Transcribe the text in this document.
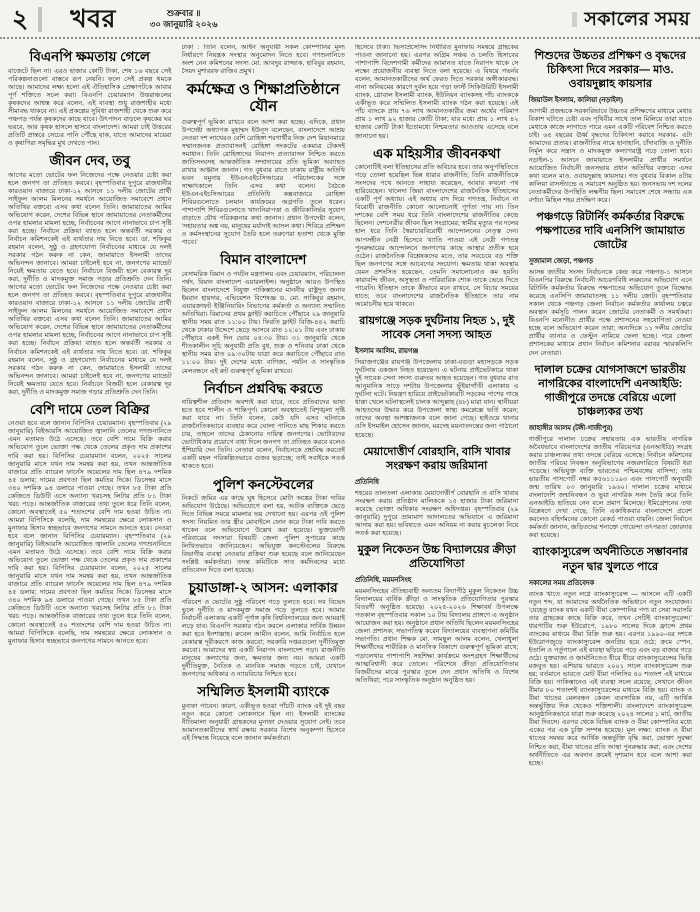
২	খবর	শুক্রবার ॥
৩০ জানুয়ারি ২০২৬	সকালের সময়
বিএনপি ক্ষমতায় গেলে

বাজেটে ছিল না। এরও হাজার কোটি টাকা, শেষ ১৬ বছরে সেই পরিকল্পনাগুলো বাস্তবে রূপ নেয়নি। ফলে সেই প্রকল্প থমকে আছে। আমাদের লক্ষ্য হলো এই ঐতিহাসিক প্রেক্ষাপটকে আবার পূর্ণ শক্তিতে সচল করা। বিএনপি চেয়ারম্যান উত্তরাঞ্চলের কৃষকদের আশ্বস্ত করে বলেন, এই ব্যবস্থা শুধু রাজশাহীর মধ্যে সীমাবদ্ধ থাকবে না। এই প্রকল্পের সুবিধা রাজশাহী থেকে শুরু করে পঞ্চগড় পর্যন্ত কৃষকদের কাছে যাবে। উৎপাদন বাড়লে কৃষকের ঘর ভরবে, আর কৃষক হাসলে হাসবে বাংলাদেশ। আমরা চাই উত্তরের প্রতিটি প্রান্তরে সেচের পানি পৌঁছে যাক, যাতে আমাদের মায়েরা ও কৃষাণিরা সমৃদ্ধির মুখ দেখতে পান।

জীবন দেব, তবু

আগের মতো ভোটের ফল নিজেদের পক্ষে নেওয়ার চেষ্টা করা হলে জনগণ তা প্রতিহত করবে। বৃহস্পতিবার দুপুরে রাজধানীর কারওয়ান বাজারে ঢাকা-১২ আসনে ১১ দলীয় জোটের প্রার্থী সাইফুল আলম মিলনের সমর্থনে আয়োজিত সমাবেশে প্রধান অতিথির বক্তব্যে এসব কথা বলেন তিনি। জামায়াতের আমির অভিযোগ করেন, দেশের বিভিন্ন স্থানে জামায়াতের নেতাকর্মীদের ওপর হামলার মামলা হচ্ছে, নির্বাচনের আগে নানাভাবে চাপ সৃষ্টি করা হচ্ছে। নির্বাচন প্রক্রিয়া ব্যাহত হলে অন্তর্বর্তী সরকার ও নির্বাচন কমিশনকেই এই ব্যর্থতার দায় নিতে হবে। ডা. শফিকুর রহমান বলেন, সুষ্ঠু ও গ্রহণযোগ্য নির্বাচনের মাধ্যমে যে দলই সরকার গঠন করুক না কেন, জামায়াতে ইসলামী তাদের অভিনন্দন জানাবে। আমরা চাইলেই হবে না, জনগণের ম্যান্ডেট নিয়েই ক্ষমতায় যেতে হবে। নির্বাচনে বিজয়ী হলে বেকারত্ব দূর করা, দুর্নীতি ও মাদকমুক্ত সমাজ গড়ার প্রতিশ্রুতি দেন তিনি। আগের মতো ভোটের ফল নিজেদের পক্ষে নেওয়ার চেষ্টা করা হলে জনগণ তা প্রতিহত করবে। বৃহস্পতিবার দুপুরে রাজধানীর কারওয়ান বাজারে ঢাকা-১২ আসনে ১১ দলীয় জোটের প্রার্থী সাইফুল আলম মিলনের সমর্থনে আয়োজিত সমাবেশে প্রধান অতিথির বক্তব্যে এসব কথা বলেন তিনি। জামায়াতের আমির অভিযোগ করেন, দেশের বিভিন্ন স্থানে জামায়াতের নেতাকর্মীদের ওপর হামলার মামলা হচ্ছে, নির্বাচনের আগে নানাভাবে চাপ সৃষ্টি করা হচ্ছে। নির্বাচন প্রক্রিয়া ব্যাহত হলে অন্তর্বর্তী সরকার ও নির্বাচন কমিশনকেই এই ব্যর্থতার দায় নিতে হবে। ডা. শফিকুর রহমান বলেন, সুষ্ঠু ও গ্রহণযোগ্য নির্বাচনের মাধ্যমে যে দলই সরকার গঠন করুক না কেন, জামায়াতে ইসলামী তাদের অভিনন্দন জানাবে। আমরা চাইলেই হবে না, জনগণের ম্যান্ডেট নিয়েই ক্ষমতায় যেতে হবে। নির্বাচনে বিজয়ী হলে বেকারত্ব দূর করা, দুর্নীতি ও মাদকমুক্ত সমাজ গড়ার প্রতিশ্রুতি দেন তিনি।

বেশি দামে তেল বিক্রির

নেওয়া হবে বলে জানান বিপিসির চেয়ারম্যান। বৃহস্পতিবার (২৯ জানুয়ারি) বিইআরসি আয়োজিত জ্বালানি তেলের গণশুনানিতে এমন মতামত উঠে এসেছে। তবে বেশি দামে বিক্রি করার অভিযোগ তুলে ভোক্তা পক্ষ থেকে তেলের প্রকৃত দাম প্রকাশের দাবি করা হয়। বিপিসির চেয়ারম্যান বলেন, ২০২৫ সালের জানুয়ারি মাসে যখন দাম সমন্বয় করা হয়, তখন আন্তর্জাতিক বাজারে প্রতি ব্যারেল ফার্নেস অয়েলের দাম ছিল ৪৭৯ দশমিক ৪৫ ডলার; দামের প্রবণতা ছিল কমতির দিকে। ডিসেম্বর মাসে ৩৪০ দশমিক ৯৪ ডলারে পাওয়া গেছে। তখন ৮৫ টাকা প্রতি কেজিতে ডিউটি এসে অন্যান্য খরচসহ লিটার প্রতি ৮১ টাকা খরচ পড়ে। আন্তর্জাতিক বাজারের তথ্য তুলে ধরে তিনি বলেন, কোনো অবস্থাতেই ৫০ শতাংশের বেশি দাম হওয়া উচিত না। আমরা বিপিসিকে বলেছি, দাম সমন্বয়ের ক্ষেত্রে লোকসান ও মুনাফার হিসাব স্বচ্ছভাবে জনগণের সামনে আনতে হবে। নেওয়া হবে বলে জানান বিপিসির চেয়ারম্যান। বৃহস্পতিবার (২৯ জানুয়ারি) বিইআরসি আয়োজিত জ্বালানি তেলের গণশুনানিতে এমন মতামত উঠে এসেছে। তবে বেশি দামে বিক্রি করার অভিযোগ তুলে ভোক্তা পক্ষ থেকে তেলের প্রকৃত দাম প্রকাশের দাবি করা হয়। বিপিসির চেয়ারম্যান বলেন, ২০২৫ সালের জানুয়ারি মাসে যখন দাম সমন্বয় করা হয়, তখন আন্তর্জাতিক বাজারে প্রতি ব্যারেল ফার্নেস অয়েলের দাম ছিল ৪৭৯ দশমিক ৪৫ ডলার; দামের প্রবণতা ছিল কমতির দিকে। ডিসেম্বর মাসে ৩৪০ দশমিক ৯৪ ডলারে পাওয়া গেছে। তখন ৮৫ টাকা প্রতি কেজিতে ডিউটি এসে অন্যান্য খরচসহ লিটার প্রতি ৮১ টাকা খরচ পড়ে। আন্তর্জাতিক বাজারের তথ্য তুলে ধরে তিনি বলেন, কোনো অবস্থাতেই ৫০ শতাংশের বেশি দাম হওয়া উচিত না। আমরা বিপিসিকে বলেছি, দাম সমন্বয়ের ক্ষেত্রে লোকসান ও মুনাফার হিসাব স্বচ্ছভাবে জনগণের সামনে আনতে হবে।

ঢাকা : তিনি বলেন, আইন অনুযায়ী সকল কোম্পানির মূল্য নির্ধারণে নিয়ন্ত্রক সংস্থার অনুমোদন নিতে হবে। গণশুনানিতে অংশ নেন কমিশনের সদস্য মো. আবদুর রাজ্জাক, হাবিবুর রহমান, সৈয়দ মুশাররফ রাজিব প্রমুখ।

কর্মক্ষেত্র ও শিক্ষাপ্রতিষ্ঠানে যৌন

গুরুত্বপূর্ণ ভূমিকা রাখবে বলে আশা করা হচ্ছে। এদিকে, প্রধান উপদেষ্টা অধ্যাপক মুহাম্মদ ইউনূস বলেছেন, বাংলাদেশে আশ্রয় নেওয়া দশ লাখেরও বেশি রোহিঙ্গা শরণার্থীর নিজ দেশ মিয়ানমারে সম্মানজনক প্রত্যাবাসনই রোহিঙ্গা সংকটের একমাত্র টেকসই সমাধান। তিনি রোহিঙ্গাদের নিরাপদ প্রত্যাবাসন নিশ্চিত করতে জাতিসংঘসহ আন্তর্জাতিক সম্প্রদায়ের প্রতি ভূমিকা অব্যাহত রাখার আহ্বান জানান। গত বুধবার রাতে ঢাকায় রাষ্ট্রীয় অতিথি ভবন যমুনায় ইউএনএইচসিআরের পরিচালকের সঙ্গে সাক্ষাৎকালে তিনি এসব কথা বলেন। বৈঠকে ইউএনএইচসিআরের প্রতিনিধি কক্সবাজারে রোহিঙ্গা শিবিরগুলোতে চলমান কার্যক্রমের অগ্রগতি তুলে ধরেন। পাশাপাশি শিবিরগুলোতে খাদ্যনিরাপত্তা ও জীবিকানির্ভর সুযোগ বাড়াতে যৌথ পরিকল্পনার কথা জানান। প্রধান উপদেষ্টা বলেন, ‘সহায়তার অঙ্ক নয়, মানুষের মর্যাদাই আসল কথা। শিবিরে প্রশিক্ষণ ও কর্মসংস্থানের সুযোগ তৈরি হলে তরুণেরা হতাশা থেকে মুক্তি পাবে।’

বিমান বাংলাদেশ

বেসামরিক বিমান ও পর্যটন মন্ত্রণালয় এবং চেয়ারম্যান, পরিচালনা পর্ষদ, বিমান বাংলাদেশ এয়ারলাইন্স। অনুষ্ঠানে আরও উপস্থিত ছিলেন বাংলাদেশে নিযুক্ত পাকিস্তানের মাননীয় রাষ্ট্রদূত জনাব ইমরান হায়দার, এভিয়েশন বিশেষজ্ঞ ড. মো. সাকিবুর রহমান, এয়ারক্রাফট ইঞ্জিনিয়ারিং বিভাগের কর্মকর্তা ও অন্যান্য সম্মানিত অতিথিরা। বিমানের প্রথম ফ্লাইট করাচিতে পৌঁছাবে ২৯ জানুয়ারি স্থানীয় সময় রাত ১১:০০ টায়। ফিরতি ফ্লাইট বিজি-৪৪২ করাচি থেকে ঢাকার উদ্দেশে ছেড়ে আসবে রাত ১২:০১ টায় এবং ঢাকায় পৌঁছাবে একই দিন ভোর ০৪:৩০ টায়। ৩১ জানুয়ারি থেকে শীতকালীন সূচি অনুযায়ী প্রতি বুধ, শুক্র ও শনিবার ঢাকা থেকে স্থানীয় সময় রাত ০৯:৩০টায় যাত্রা করে করাচিতে পৌঁছাবে রাত ১১:০০ টায়। দুই দেশের মধ্যে বাণিজ্য, পর্যটন ও সাংস্কৃতিক মেলবন্ধনে এই রুট গুরুত্বপূর্ণ ভূমিকা রাখবে।

নির্বাচন প্রশ্নবিদ্ধ করতে

দায়িত্বশীল প্রতিবাদ অবশ্যই করা যাবে, তবে প্রতিবাদের ভাষা হতে হবে শালীন ও শান্তিপূর্ণ। কোনো অবস্থাতেই বিশৃঙ্খলা সৃষ্টি করা যাবে না। তিনি বলেন, কেউ যদি এসব ঘটনাকে রাজনৈতিকভাবে ব্যবহার করে ঘোলা পানিতে মাছ শিকার করতে চায়, তাহলে তাদের ঠেকানোর দায়িত্ব জনগণের। ভোটারদের ভোটাধিকার প্রয়োগে বাধা দিলে জনগণ তা প্রতিহত করবে বলেও হুঁশিয়ারি দেন তিনি। নেতারা বলেন, নির্বাচনকে প্রশ্নবিদ্ধ করতেই একটি মহল পরিকল্পিতভাবে গুজব ছড়াচ্ছে; তাই সবাইকে সতর্ক থাকতে হবে।

পুলিশ কনস্টেবলের

নিকটে জমির এর কাছে ঘুষ হিসেবে মোটা অঙ্কের টাকা দাবির অভিযোগ উঠেছে। অভিযোগে বলা হয়, আটক ব্যক্তিকে ছেড়ে দিতে বিভিন্ন সময়ে মামলার ভয় দেখানো হয়। এরপর ওই পুলিশ সদস্য নিয়মিত তার স্ত্রীর মোবাইলে ফোন করে টাকা দাবি করতে থাকেন বলে অভিযোগে উল্লেখ করা হয়েছে। ভুক্তভোগী পরিবারের সদস্যরা বিষয়টি জেলা পুলিশ সুপারের কাছে লিখিতভাবে জানিয়েছেন। অভিযুক্ত কনস্টেবলের বিরুদ্ধে বিভাগীয় ব্যবস্থা নেওয়ার প্রক্রিয়া শুরু হয়েছে বলে জানিয়েছেন সংশ্লিষ্ট কর্মকর্তারা। তদন্ত কমিটিকে সাত কর্মদিবসের মধ্যে প্রতিবেদন দিতে বলা হয়েছে।

চুয়াডাঙ্গা-২ আসন: এলাকার

পরিবেশ ও ভোটের সুষ্ঠু পরিবেশ গড়ে তুলতে হবে। সব বিভেদ ভুলে দুর্নীতি ও মাদকমুক্ত সমাজ গড়ে তুলতে হবে। আমার নির্বাচনী এলাকায় একটি পূর্ণাঙ্গ কৃষি বিশ্ববিদ্যালয়ের জন্য আমরাই লড়ে যাব। বিএনপি সরকার গঠন করলে এলাকার সার্বিক উন্নয়ন করা হবে ইনশাল্লাহ। রুবেল আমীন বলেন, আমি নির্বাচিত হলে বেকারত্ব দূরীকরণে কাজ করবো; সরকারি দপ্তরগুলো দুর্নীতিমুক্ত করবো। আমাদের স্বপ্ন একটি নিরাপদ বাংলাদেশ গড়া। রাজনীতি মানুষের কল্যাণের জন্য, ক্ষমতার জন্য নয়। আমরা একটি দুর্নীতিমুক্ত, নৈতিক ও মানবিক সমাজ গড়তে চাই, যেখানে জনগণের অধিকার ও ন্যায়বিচার নিশ্চিত হবে।

সম্মিলিত ইসলামী ব্যাংকে

মুনাফা পাবেন। কারণ, একীভূত হওয়া পাঁচটি ব্যাংক এই দুই বছর নতুন করে কোনো লোকসানে ছিল না। ইসলামী ব্যাংকের নীতিমালা অনুযায়ী গ্রাহকদের মুনাফা দেওয়ার সুযোগ নেই। তবে আমানতকারীদের স্বার্থ রক্ষায় সরকার বিশেষ অনুকম্পা হিসেবে এই সিদ্ধান্ত নিয়েছে বলে জানান কর্মকর্তারা।

হিসেবে টাকা। ভিসাপ্রসেসিং নির্ধারিত মুনাফায় সমন্বয়ে গ্রাহকের পাওনা জানানো হয়। এরপর অগ্রিম সঞ্চয় ও চলতি হিসাবের পাশাপাশি বিদেশগামী কর্মীদের আমানত যাতে নিরাপদ থাকে সে লক্ষ্যে প্রয়োজনীয় ব্যবস্থা নিতে বলা হয়েছে। এ বিষয়ে গভর্নর বলেন, আমানতকারীদের অর্থ ফেরত দিতে সরকার অঙ্গীকারবদ্ধ। নানা অনিয়মের কারণে দুর্বল হয়ে পড়া ফার্স্ট সিকিউরিটি ইসলামী ব্যাংক, গ্লোবাল ইসলামী ব্যাংক, ইউনিয়ন ব্যাংকসহ পাঁচ ব্যাংককে একীভূত করে সম্মিলিত ইসলামী ব্যাংক গঠন করা হয়েছে। এই পাঁচ ব্যাংকে প্রায় ৭৬ লাখ আমানতকারীর জমা অর্থের পরিমাণ প্রায় ১ লাখ ৯২ হাজার কোটি টাকা; যার মধ্যে প্রায় ১ লাখ ৪২ হাজার কোটি টাকা ইতোমধ্যে নিশ্চয়তার আওতায় এসেছে বলে জানানো হয়।

এক মহিয়সীর জীবনকথা

কোনোটিই বলা ইতিহাসের প্রতি অবিচার হবে। তার অনুপস্থিতিতে গড়ে তোলা হয়েছিল ভিন্ন ধারার রাজনীতি; তিনি রাজনীতিকে সংসদের পথে আনতে সাহায্য করেছেন, আবার কখনো পথ হারিয়েছেন। খালেদা জিয়া বাংলাদেশের রাজনৈতিক ইতিহাসের একটি পূর্ণ অধ্যায়। এই অধ্যায় বাদ দিয়ে গণতন্ত্র, নির্বাচন না বিরোধী রাজনীতি কোনো আলোচনাই পূর্ণতা পায় না। তিন দশকের বেশি সময় ধরে তিনি বাংলাদেশের রাজনীতির কেন্দ্রে ছিলেন। দেশনেত্রীর জীবন ছিল সংগ্রামের; স্বামীর মৃত্যুর পর দলের হাল ধরে তিনি স্বৈরাচারবিরোধী আন্দোলনের নেতৃত্ব দেন। আপসহীন নেত্রী হিসেবে খ্যাতি পাওয়া এই নেত্রী গণতন্ত্র পুনরুদ্ধারের আন্দোলনে জনগণের কাছে আস্থার প্রতীক হয়ে ওঠেন। রাজনৈতিক বিশ্লেষকদের মতে, তার সবচেয়ে বড় শক্তি ছিল জনগণের সঙ্গে আবেগের সংযোগ। ক্ষমতায় থাকা অবস্থায় যেমন প্রশংসিত হয়েছেন, তেমনি সমালোচনাও কম হয়নি। কারাবন্দি জীবন, অসুস্থতা ও পারিবারিক শোক তাকে ভেঙে দিতে পারেনি। ইতিহাস তাকে কীভাবে মনে রাখবে, সে বিচার সময়ের হাতে; তবে বাংলাদেশের রাজনৈতিক ইতিহাসে তার নাম অমোচনীয় হয়ে থাকবে।

রায়গঞ্জে সড়ক দুর্ঘটনায় নিহত ১, দুই সাবেক সেনা সদস্য আহত

ইসলাম আলিম, রায়গঞ্জ

সিরাজগঞ্জের রায়গঞ্জ উপজেলায় ঢাকা-বগুড়া মহাসড়কে সড়ক দুর্ঘটনায় একজন নিহত হয়েছেন। এ ঘটনায় প্রাইভেটকারে থাকা দুই সাবেক সেনা সদস্য গুরুতর আহত হয়েছেন। গত বুধবার রাত আনুমানিক সাড়ে দশটায় উপজেলার ভুঁইয়াগাঁতী এলাকায় এ দুর্ঘটনা ঘটে। নিয়ন্ত্রণ হারিয়ে প্রাইভেটকারটি সড়কের পাশের গাছে ধাক্কা খেলে ঘটনাস্থলেই চালক আব্দুল্লাহ (৪৮) মারা যান। স্থানীয়রা আহতদের উদ্ধার করে উপজেলা স্বাস্থ্য কমপ্লেক্সে ভর্তি করেন; তাদের অবস্থা আশঙ্কাজনক বলে জানা গেছে। হাইওয়ে থানার ওসি ইসমাইল হোসেন জানান, মরদেহ ময়নাতদন্তের জন্য পাঠানো হয়েছে।

মেয়াদোত্তীর্ণ বোরহানি, বাসি খাবার সংরক্ষণ করায় জরিমানা

প্রতিনিধি

শহরের তালতলা এলাকায় মেয়াদোত্তীর্ণ বোরহানি ও বাসি খাবার সংরক্ষণ করায় প্রতিষ্ঠান মালিককে ১৫ হাজার টাকা জরিমানা করেছে ভোক্তা অধিকার সংরক্ষণ অধিদপ্তর। বৃহস্পতিবার (২৯ জানুয়ারি) দুপুরে ভ্রাম্যমাণ আদালতের অভিযানে এ জরিমানা আদায় করা হয়। ভবিষ্যতে এমন অনিয়ম না করার মুচলেকা নিয়ে সতর্ক করা হয়েছে।

মুকুল নিকেতন উচ্চ বিদ্যালয়ের ক্রীড়া প্রতিযোগিতা

প্রতিনিধি, ময়মনসিংহ

ময়মনসিংহের ঐতিহ্যবাহী অন্যতম বিদ্যাপীঠ মুকুল নিকেতন উচ্চ বিদ্যালয়ের বার্ষিক ক্রীড়া ও সাংস্কৃতিক প্রতিযোগিতার পুরস্কার বিতরণী অনুষ্ঠিত হয়েছে। ২০২৫-২০২৬ শিক্ষাবর্ষ উপলক্ষে গতকাল বৃহস্পতিবার সকাল ১০ টায় বিদ্যালয় প্রাঙ্গণে এ অনুষ্ঠান আয়োজন করা হয়। অনুষ্ঠানে প্রধান অতিথি ছিলেন ময়মনসিংহের জেলা প্রশাসক; সভাপতিত্ব করেন বিদ্যালয়ের ব্যবস্থাপনা কমিটির সভাপতি। প্রধান শিক্ষক মো. সামছুল আলম বলেন, খেলাধুলা শিক্ষার্থীদের শারীরিক ও মানসিক বিকাশে গুরুত্বপূর্ণ ভূমিকা রাখে; পড়ালেখার পাশাপাশি সহশিক্ষা কার্যক্রমে অংশগ্রহণ শিক্ষার্থীদের আত্মবিশ্বাসী করে তোলে। পরিশেষে ক্রীড়া প্রতিযোগিতায় বিজয়ীদের মাঝে পুরস্কার তুলে দেন প্রধান অতিথি ও বিশেষ অতিথিরা; পরে সাংস্কৃতিক অনুষ্ঠান অনুষ্ঠিত হয়।

শিশুদের উচ্চতর প্রশিক্ষণ ও বৃদ্ধদের চিকিৎসা দিবে সরকার— মাও. ওবায়দুল্লাহ কায়সার

জিয়াউল ইসলাম, কালিয়া (নড়াইল)

আগামী প্রজন্মকে সরকারিভাবে উচ্চতর প্রশিক্ষণের মাধ্যমে মেধার বিকাশ ঘটাতে চেষ্টা এবং পৃথিবীর সাথে তাল মিলিয়ে তারা যাতে মেধাকে কাজে লাগাতে পারে এমন একটি পরিবেশ নিশ্চিত করতে চাই। ৬৫ বছরের ঊর্ধ্ব বৃদ্ধদের চিকিৎসা করাবে সরকার- এটা আমাদের প্রত্যয়। রাজনীতির নামে হানাহানি, চাঁদাবাজি ও দুর্নীতি নির্মূল করে সন্ত্রাস ও মাদকমুক্ত কল্যাণরাষ্ট্র গড়ে তোলা হবে। নড়াইল-১ আসনে জামায়াতে ইসলামীর প্রার্থীর সমর্থনে আয়োজিত নির্বাচনী জনসভায় প্রধান অতিথির বক্তব্যে এসব কথা বলেন মাও. ওবায়দুল্লাহ কায়সার। গত বুধবার বিকাল ৪টায় কালিয়া বাসস্ট্যান্ডে এ সমাবেশ অনুষ্ঠিত হয়। জনসভায় দশ দলের নেতাকর্মীদের উপস্থিতি লক্ষণীয় ছিল। সমাবেশ শেষে সন্ধ্যায় এক বর্ণাঢ্য মিছিল শহর প্রদক্ষিণ করে।

পঞ্চগড়ে রিটার্নিং কর্মকর্তার বিরুদ্ধে পক্ষপাতের দাবি এনসিপি জামায়াত জোটের

সুজামাল জেড়া, পঞ্চগড়

আসন্ন জাতীয় সংসদ নির্বাচনকে কেন্দ্র করে পঞ্চগড়-১ আসনে বিএনপির বিরুদ্ধে নির্বাচনী আচরণবিধি লঙ্ঘনের অভিযোগ এনে রিটার্নিং কর্মকর্তার বিরুদ্ধে পক্ষপাতের অভিযোগ তুলে বিক্ষোভ করেছে এনসিপি জামায়াতসহ ১১ দলীয় জোট। বৃহস্পতিবার সকাল থেকে পঞ্চগড় জেলা নির্বাচন কর্মকর্তার কার্যালয় চত্বরে অবস্থান কর্মসূচি পালন করেন জোটের নেতাকর্মী ও সমর্থকরা। বিএনপি মনোনীত প্রার্থীর পক্ষে প্রশাসনের সহযোগিতা নেওয়া হচ্ছে বলে অভিযোগ করেন তারা; অন্যদিকে ১১ দলীয় জোটের প্রার্থীর ব্যানার ও ফেস্টুন নামিয়ে ফেলা হচ্ছে। পরে জেলা প্রশাসকের মাধ্যমে প্রধান নির্বাচন কমিশনার বরাবর স্মারকলিপি দেন নেতারা।

দালাল চক্রের যোগসাজশে ভারতীয় নাগরিকের বাংলাদেশি এনআইডি: গাজীপুরে তদন্তে বেরিয়ে এলো চাঞ্চল্যকর তথ্য

জাহাঙ্গীর আলম (টঙ্গী-গাজীপুর)

গাজীপুরে দালাল চক্রের সহায়তায় এক ভারতীয় নাগরিক অবৈধভাবে বাংলাদেশের জাতীয় পরিচয়পত্র (এনআইডি) সংগ্রহ করার চাঞ্চল্যকর তথ্য তদন্তে বেরিয়ে এসেছে। নির্বাচন কমিশনের জাতীয় পরিচয় নিবন্ধন অনুবিভাগের নজরদারিতে বিষয়টি ধরা পড়েছে। অভিযুক্ত ব্যক্তি ভারতের পশ্চিমবঙ্গের বাসিন্দা; তার ভারতীয় পাসপোর্ট নম্বর ক৫৬১১১৯৩ এবং পাসপোর্ট অনুযায়ী জন্ম তারিখ ০৩ জানুয়ারি ১৯৬০। দালাল চক্রের মাধ্যমে বাংলাদেশি জন্মনিবন্ধন ও ভুয়া নাগরিক সনদ তৈরি করে তিনি এনআইডি হাতিয়ে নেন বলে প্রমাণ মিলেছে। ইমিগ্রেশনের তথ্য বিশ্লেষণে দেখা গেছে, তিনি একাধিকবার বাংলাদেশে প্রবেশ করলেও বহির্গমনের কোনো রেকর্ড পাওয়া যায়নি। জেলা নির্বাচন কর্মকর্তা জানান, জড়িতদের শনাক্তে গোয়েন্দা তৎপরতা জোরদার করা হয়েছে।

ব্যাংকাস্যুরেন্স অর্থনীতিতে সম্ভাবনার নতুন দ্বার খুলতে পারে

সকালের সময় প্রতিবেদক

ব্যাংক খাতে নতুন লগ্নে ব্যাংকাস্যুরেন্স — আসলে এটি একটি নতুন শব্দ, যা আমাদের অর্থনৈতিক অভিধানে নতুন সংযোজন। ‘যেহেতু ব্যাংক যখন একটি বীমা কোম্পানির পণ্য বা সেবা সরাসরি তার গ্রাহকের কাছে বিক্রি করে, তখন সেটিই ব্যাংকাস্যুরেন্স।’ ধারণাটির শুরু ইউরোপে, ১৯৮০ সালের দিকে ফ্রান্সে প্রথম ব্যাংকের মাধ্যমে বীমা বিক্রি শুরু হয়। এরপর ১৯৯০-এর দশকে ইউরোপজুড়ে ব্যাংকাস্যুরেন্স জনপ্রিয় হয়ে ওঠে; ক্রমে স্পেন, ইতালি ও পর্তুগালে এই ব্যবস্থা ছড়িয়ে পড়ে এবং বড় বাজার গড়ে ওঠে। যুক্তরাজ্য ও জার্মানিতেও ধীরে ধীরে ব্যাংকাস্যুরেন্সের ভিত্তি মজবুত হয়। এশিয়ায় ভারতে ২০০১ সালে ব্যাংকাস্যুরেন্স শুরু হয়; বর্তমানে ভারতে মোট বীমা পলিসির ৪০ শতাংশ এই মাধ্যমে বিক্রি হয়। পাকিস্তানেও এই ব্যবস্থা সচল রয়েছে; সেখানে জীবন বীমার ৮০ শতাংশই ব্যাংকাস্যুরেন্সের মাধ্যমে বিক্রি হয়। ব্যাংক ও বীমা খাতের মেলবন্ধন কেবল ব্যবসায়িক নয়, এটি আর্থিক অন্তর্ভুক্তির দিক থেকেও শক্তিশালী। বাংলাদেশে ব্যাংকাস্যুরেন্স আনুষ্ঠানিকভাবে যাত্রা শুরু করেছে ২০২৪ সালের ১ মার্চ, জাতীয় বীমা দিবসে। এরপর থেকে বিভিন্ন ব্যাংক ও বীমা কোম্পানির মধ্যে একের পর এক চুক্তি সম্পন্ন হয়েছে। মূল লক্ষ্য: ব্যাংক ও বীমা খাতের সমন্বয় করে আর্থিক অন্তর্ভুক্তি বৃদ্ধি করা, ভোক্তা সুরক্ষা নিশ্চিত করা, বীমা খাতের প্রতি আস্থা পুনরুদ্ধার করা; এবং দেশের অর্থনীতিতে এর অবদান ক্রমেই দৃশ্যমান হবে বলে আশা করা হচ্ছে।
